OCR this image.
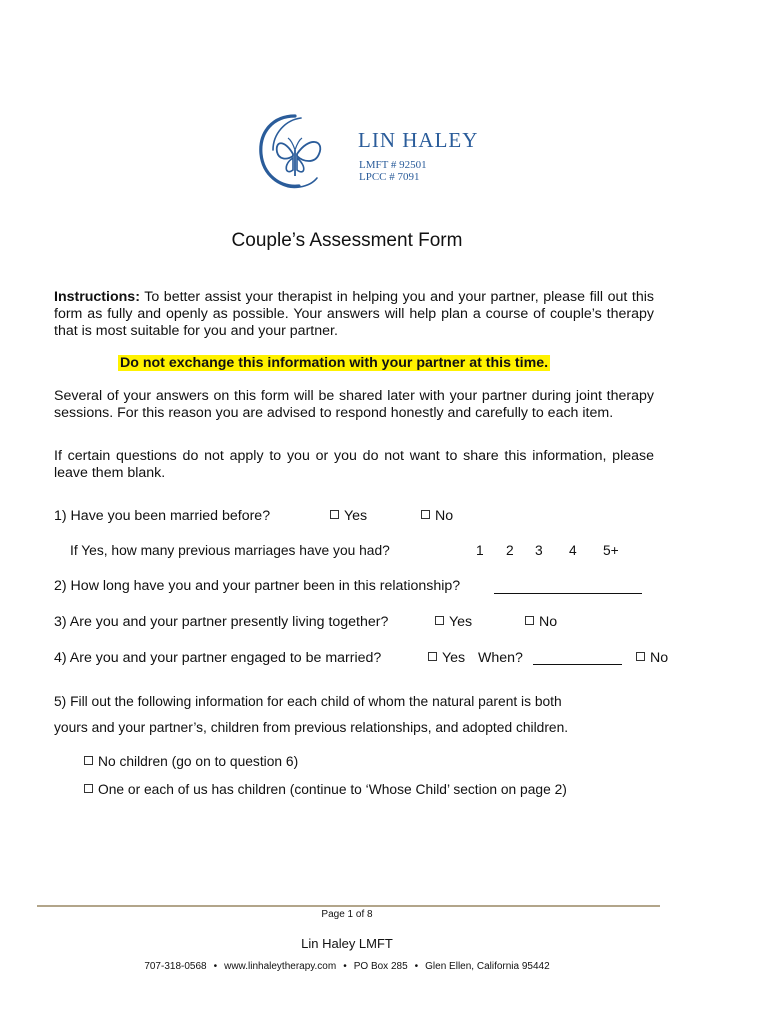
LIN HALEY
LMFT # 92501
LPCC # 7091
Couple’s Assessment Form
Instructions: To better assist your therapist in helping you and your partner, please fill out this form as fully and openly as possible. Your answers will help plan a course of couple’s therapy that is most suitable for you and your partner.
Do not exchange this information with your partner at this time.
Several of your answers on this form will be shared later with your partner during joint therapy sessions. For this reason you are advised to respond honestly and carefully to each item.
If certain questions do not apply to you or you do not want to share this information, please leave them blank.
1) Have you been married before?	Yes	No
If Yes, how many previous marriages have you had?	1 2 3 4 5+
2) How long have you and your partner been in this relationship?
3) Are you and your partner presently living together?	Yes	No
4) Are you and your partner engaged to be married?	Yes When?	No
5) Fill out the following information for each child of whom the natural parent is both
yours and your partner’s, children from previous relationships, and adopted children.
No children (go on to question 6)
One or each of us has children (continue to ‘Whose Child’ section on page 2)
Page 1 of 8
Lin Haley LMFT
707-318-0568 • www.linhaleytherapy.com • PO Box 285 • Glen Ellen, California 95442
